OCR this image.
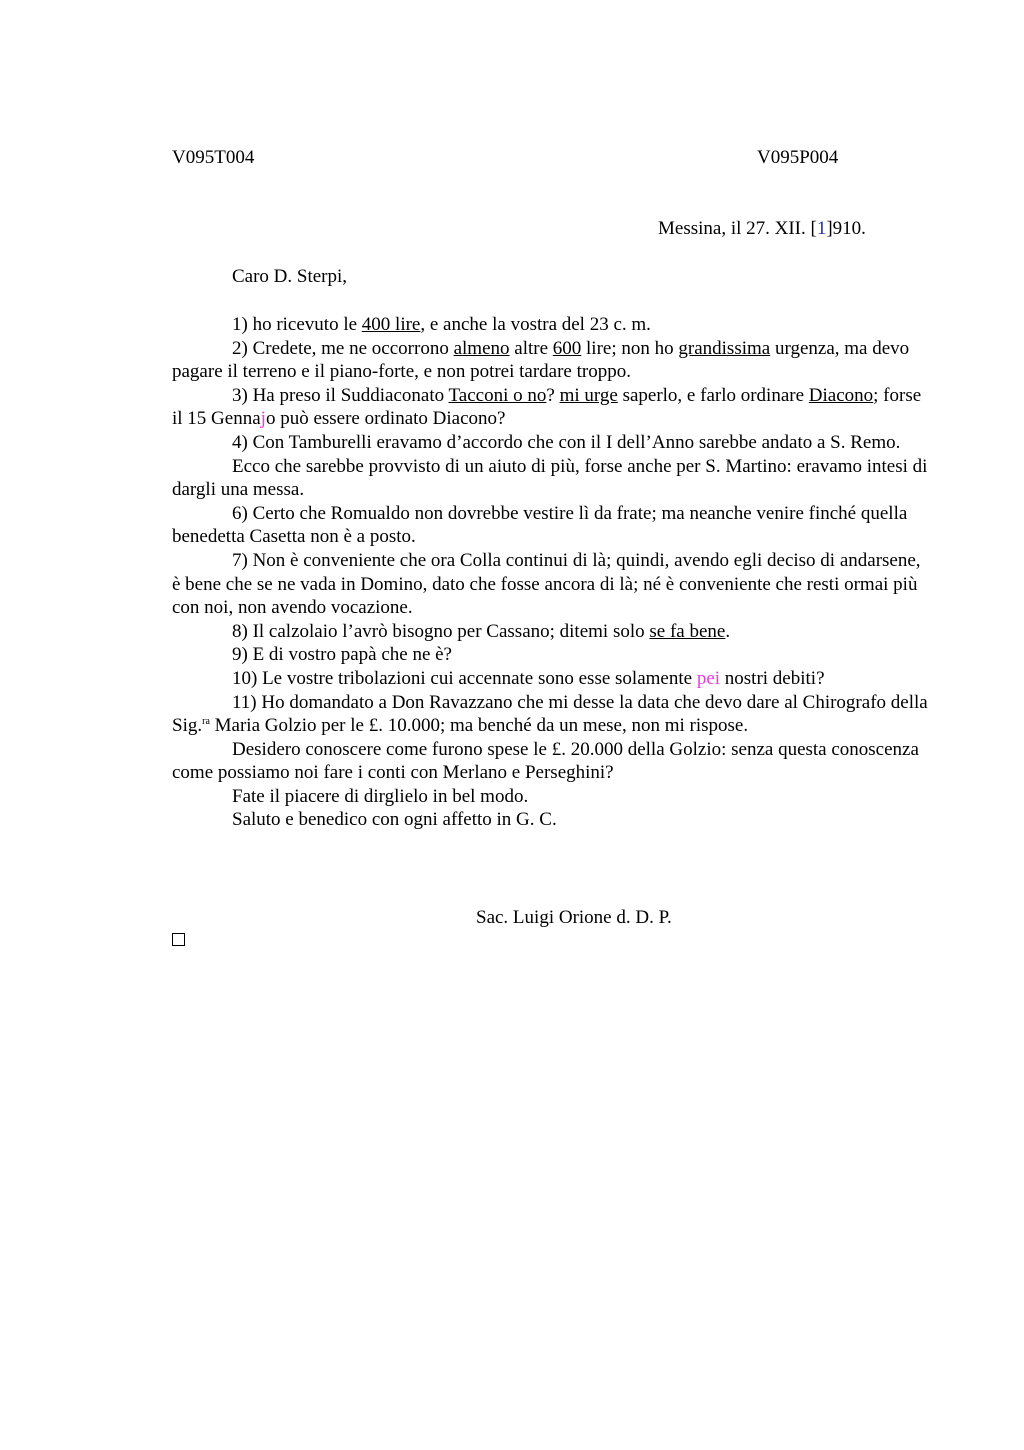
V095T004	V095P004
Messina, il 27. XII. [1]910.
Caro D. Sterpi,

1) ho ricevuto le 400 lire, e anche la vostra del 23 c. m.

2) Credete, me ne occorrono almeno altre 600 lire; non ho grandissima urgenza, ma devo pagare il terreno e il piano-forte, e non potrei tardare troppo.

3) Ha preso il Suddiaconato Tacconi o no? mi urge saperlo, e farlo ordinare Diacono; forse il 15 Gennajo può essere ordinato Diacono?

4) Con Tamburelli eravamo d’accordo che con il I dell’Anno sarebbe andato a S. Remo.

Ecco che sarebbe provvisto di un aiuto di più, forse anche per S. Martino: eravamo intesi di dargli una messa.

6) Certo che Romualdo non dovrebbe vestire lì da frate; ma neanche venire finché quella benedetta Casetta non è a posto.

7) Non è conveniente che ora Colla continui di là; quindi, avendo egli deciso di andarsene, è bene che se ne vada in Domino, dato che fosse ancora di là; né è conveniente che resti ormai più con noi, non avendo vocazione.

8) Il calzolaio l’avrò bisogno per Cassano; ditemi solo se fa bene.

9) E di vostro papà che ne è?

10) Le vostre tribolazioni cui accennate sono esse solamente pei nostri debiti?

11) Ho domandato a Don Ravazzano che mi desse la data che devo dare al Chirografo della Sig.$^{ra}$ Maria Golzio per le £. 10.000; ma benché da un mese, non mi rispose.

Desidero conoscere come furono spese le £. 20.000 della Golzio: senza questa conoscenza come possiamo noi fare i conti con Merlano e Perseghini?

Fate il piacere di dirglielo in bel modo.

Saluto e benedico con ogni affetto in G. C.

Sac. Luigi Orione d. D. P.
